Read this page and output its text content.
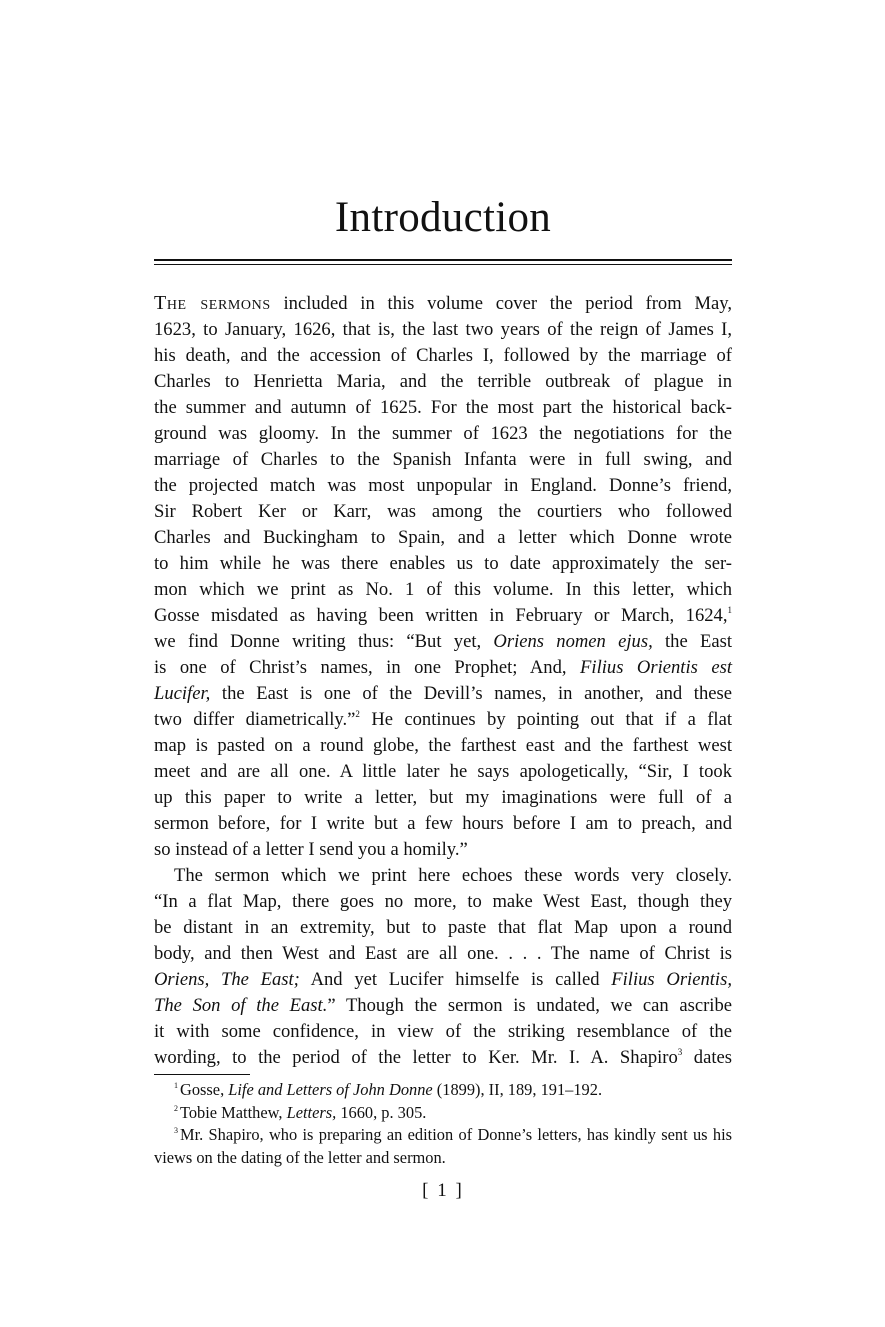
Introduction

The sermons included in this volume cover the period from May,
1623, to January, 1626, that is, the last two years of the reign of James I,
his death, and the accession of Charles I, followed by the marriage of
Charles to Henrietta Maria, and the terrible outbreak of plague in
the summer and autumn of 1625. For the most part the historical back-
ground was gloomy. In the summer of 1623 the negotiations for the
marriage of Charles to the Spanish Infanta were in full swing, and
the projected match was most unpopular in England. Donne’s friend,
Sir Robert Ker or Karr, was among the courtiers who followed
Charles and Buckingham to Spain, and a letter which Donne wrote
to him while he was there enables us to date approximately the ser-
mon which we print as No. 1 of this volume. In this letter, which
Gosse misdated as having been written in February or March, 1624,$^1$
we find Donne writing thus: “But yet, Oriens nomen ejus, the East
is one of Christ’s names, in one Prophet; And, Filius Orientis est
Lucifer, the East is one of the Devill’s names, in another, and these
two differ diametrically.”$^2$ He continues by pointing out that if a flat
map is pasted on a round globe, the farthest east and the farthest west
meet and are all one. A little later he says apologetically, “Sir, I took
up this paper to write a letter, but my imaginations were full of a
sermon before, for I write but a few hours before I am to preach, and
so instead of a letter I send you a homily.”

The sermon which we print here echoes these words very closely.
“In a flat Map, there goes no more, to make West East, though they
be distant in an extremity, but to paste that flat Map upon a round
body, and then West and East are all one. . . . The name of Christ is
Oriens, The East; And yet Lucifer himselfe is called Filius Orientis,
The Son of the East.” Though the sermon is undated, we can ascribe
it with some confidence, in view of the striking resemblance of the
wording, to the period of the letter to Ker. Mr. I. A. Shapiro$^3$ dates

$^1$ Gosse, Life and Letters of John Donne (1899), II, 189, 191–192.

$^2$ Tobie Matthew, Letters, 1660, p. 305.

$^3$ Mr. Shapiro, who is preparing an edition of Donne’s letters, has kindly sent us his views on the dating of the letter and sermon.

[ 1 ]
